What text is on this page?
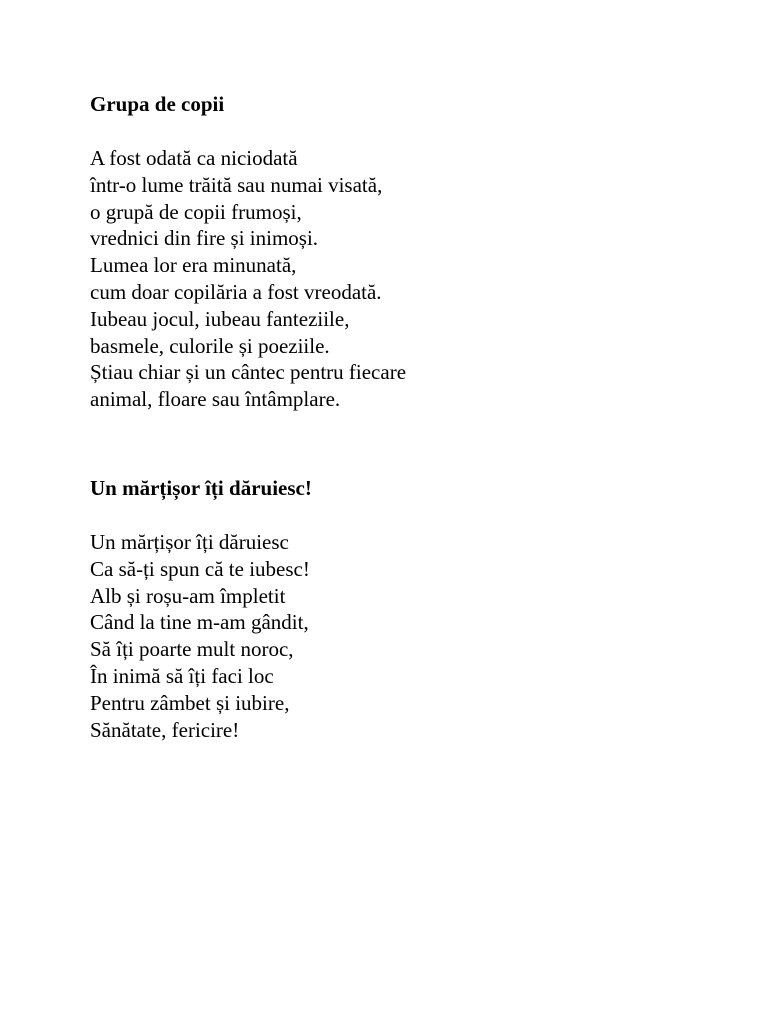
Grupa de copii
A fost odată ca niciodată
într-o lume trăită sau numai visată,
o grupă de copii frumoși,
vrednici din fire și inimoși.
Lumea lor era minunată,
cum doar copilăria a fost vreodată.
Iubeau jocul, iubeau fanteziile,
basmele, culorile și poeziile.
Știau chiar și un cântec pentru fiecare
animal, floare sau întâmplare.
Un mărțișor îți dăruiesc!
Un mărțișor îți dăruiesc
Ca să-ți spun că te iubesc!
Alb și roșu-am împletit
Când la tine m-am gândit,
Să îți poarte mult noroc,
În inimă să îți faci loc
Pentru zâmbet și iubire,
Sănătate, fericire!
